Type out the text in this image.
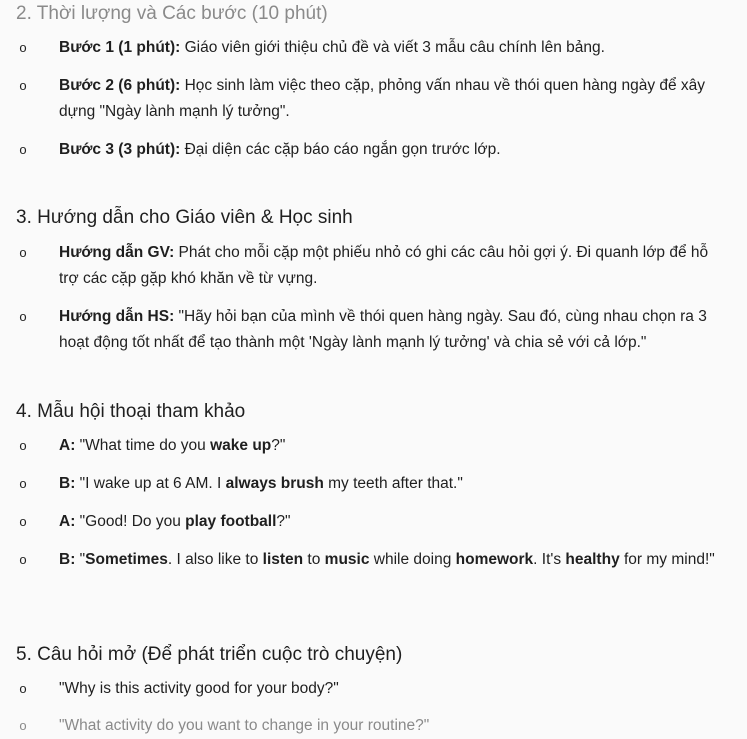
2. Thời lượng và Các bước (10 phút)
o Bước 1 (1 phút): Giáo viên giới thiệu chủ đề và viết 3 mẫu câu chính lên bảng.
o Bước 2 (6 phút): Học sinh làm việc theo cặp, phỏng vấn nhau về thói quen hàng ngày để xây dựng "Ngày lành mạnh lý tưởng".
o Bước 3 (3 phút): Đại diện các cặp báo cáo ngắn gọn trước lớp.
3. Hướng dẫn cho Giáo viên & Học sinh
o Hướng dẫn GV: Phát cho mỗi cặp một phiếu nhỏ có ghi các câu hỏi gợi ý. Đi quanh lớp để hỗ trợ các cặp gặp khó khăn về từ vựng.
o Hướng dẫn HS: "Hãy hỏi bạn của mình về thói quen hàng ngày. Sau đó, cùng nhau chọn ra 3 hoạt động tốt nhất để tạo thành một 'Ngày lành mạnh lý tưởng' và chia sẻ với cả lớp."
4. Mẫu hội thoại tham khảo
o A: "What time do you wake up?"
o B: "I wake up at 6 AM. I always brush my teeth after that."
o A: "Good! Do you play football?"
o B: "Sometimes. I also like to listen to music while doing homework. It's healthy for my mind!"
5. Câu hỏi mở (Để phát triển cuộc trò chuyện)
o "Why is this activity good for your body?"
o "What activity do you want to change in your routine?"
